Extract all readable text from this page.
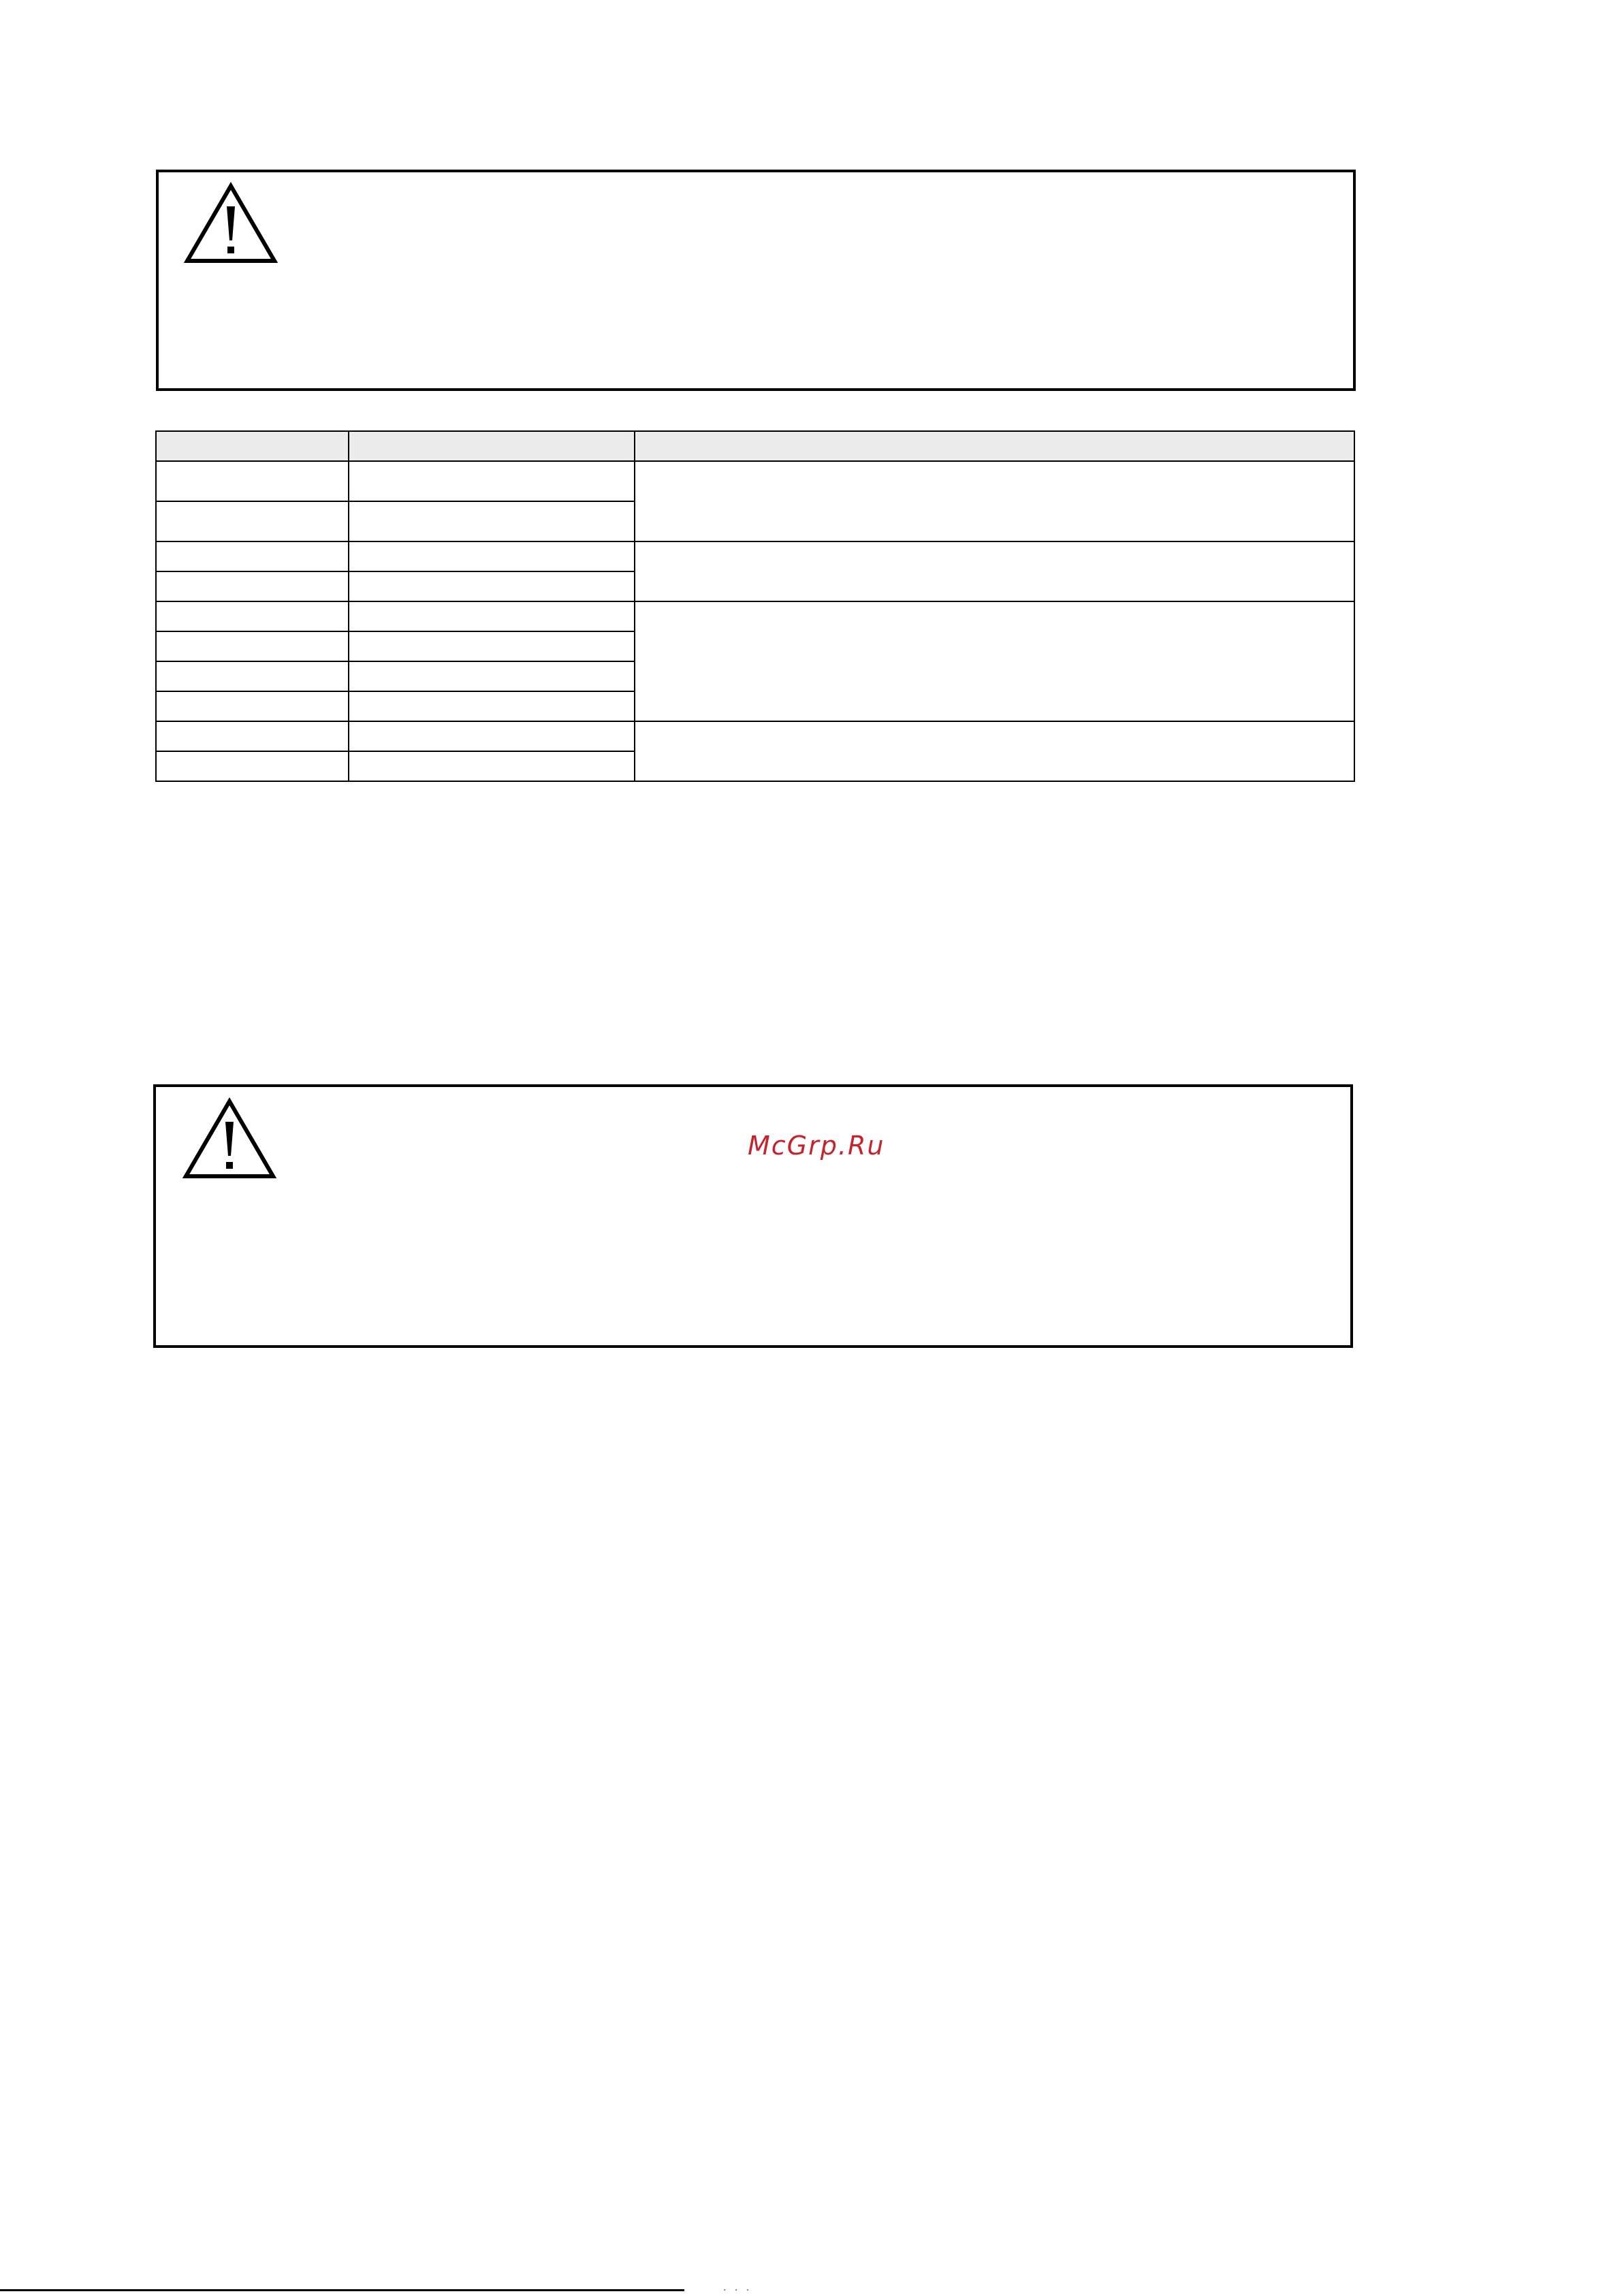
McGrp.Ru
· · ·
